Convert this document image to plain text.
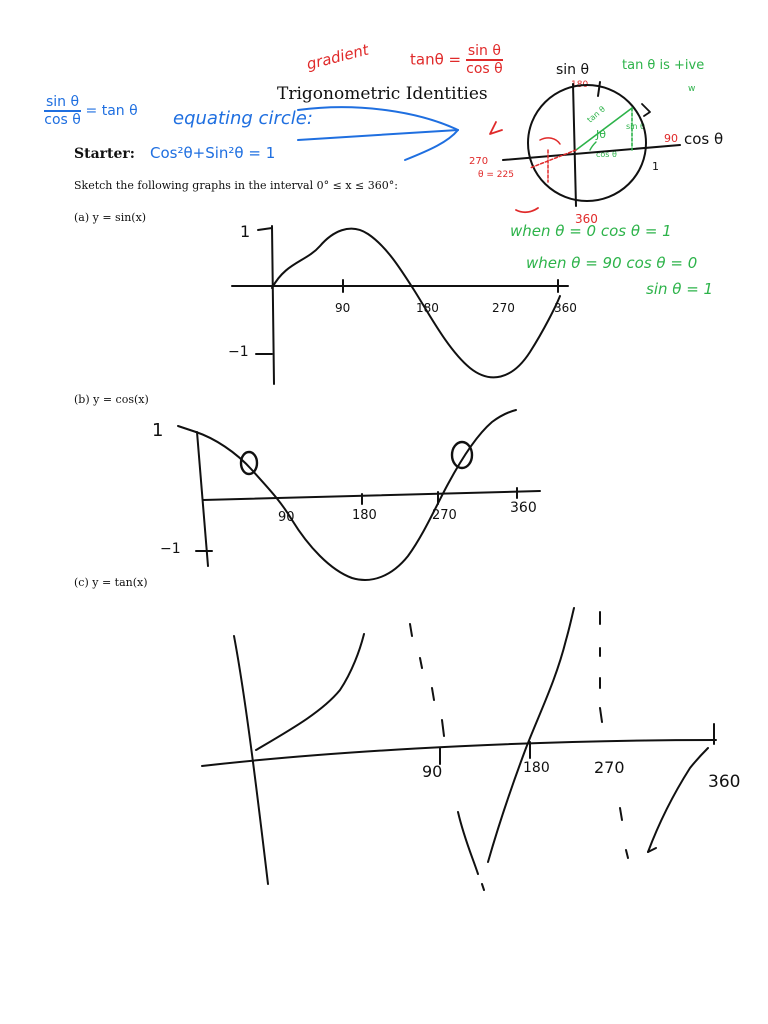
Trigonometric Identities
Starter:
Sketch the following graphs in the interval 0° ≤ x ≤ 360°:
(a) y = sin(x)
(b) y = cos(x)
(c) y = tan(x)
Cos²θ+Sin²θ = 1
$\frac{\text{sin θ}}{\text{cos θ}} = \tan \theta$ equating circle:
gradient	$\tan\theta = \frac{\text{sin θ}}{\text{cos θ}}$
180
270
θ = 225
360
90
tan θ is +ive
w
when θ = 0 cos θ = 1
when θ = 90 cos θ = 0
sin θ = 1
tan θ
Jθ
sin θ
cos θ
sin θ
cos θ
1
1
−1
90	180	270	360
1
−1
90	180	270	360
90	180	270
360
